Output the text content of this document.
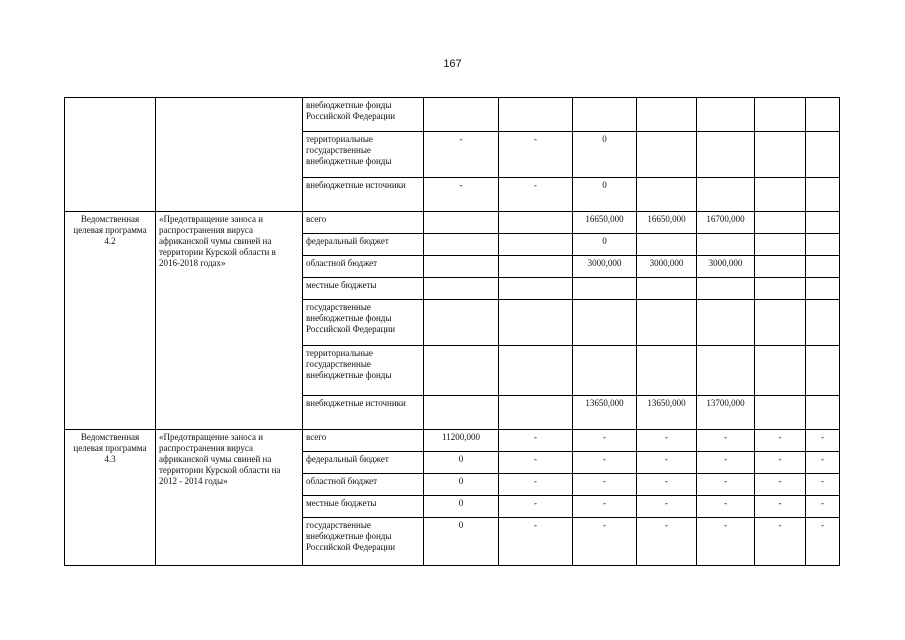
167
		внебюджетные фонды Российской Федерации								
		территориальные государственные внебюджетные фонды	-	-	0					
		внебюджетные источники	-	-	0					
Ведомственная целевая программа 4.2	«Предотвращение заноса и распространения вируса африканской чумы свиней на территории Курской области в 2016-2018 годах»	всего			16650,000	16650,000	16700,000			
		федеральный бюджет			0					
		областной бюджет			3000,000	3000,000	3000,000			
		местные бюджеты								
		государственные внебюджетные фонды Российской Федерации								
		территориальные государственные внебюджетные фонды								
		внебюджетные источники			13650,000	13650,000	13700,000			
Ведомственная целевая программа 4.3	«Предотвращение заноса и распространения вируса африканской чумы свиней на территории Курской области на 2012 - 2014 годы»	всего	11200,000	-	-	-	-	-	-	
		федеральный бюджет	0	-	-	-	-	-	-	
		областной бюджет	0	-	-	-	-	-	-	
		местные бюджеты	0	-	-	-	-	-	-	
		государственные внебюджетные фонды Российской Федерации	0	-	-	-	-	-	-	
